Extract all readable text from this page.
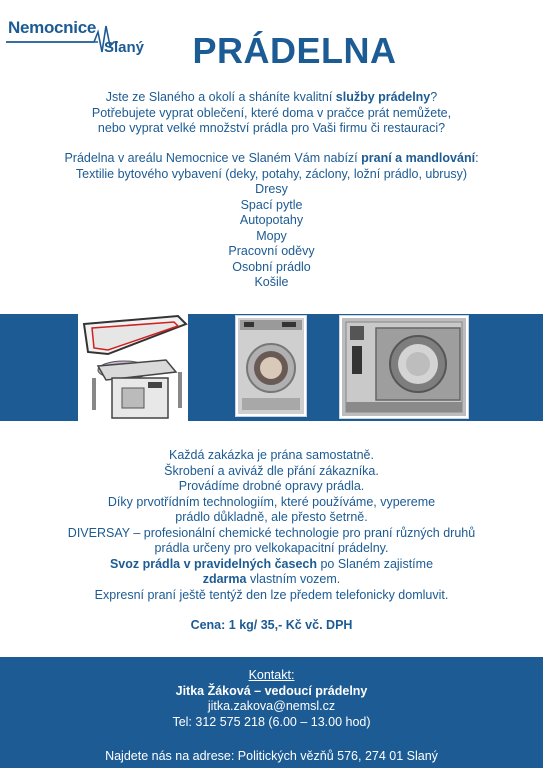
Nemocnice
Slaný	PRÁDELNA
Jste ze Slaného a okolí a sháníte kvalitní služby prádelny?
Potřebujete vyprat oblečení, které doma v pračce prát nemůžete,
nebo vyprat velké množství prádla pro Vaši firmu či restauraci?
Prádelna v areálu Nemocnice ve Slaném Vám nabízí praní a mandlování:
Textilie bytového vybavení (deky, potahy, záclony, ložní prádlo, ubrusy)
Dresy
Spací pytle
Autopotahy
Mopy
Pracovní oděvy
Osobní prádlo
Košile
Každá zakázka je prána samostatně.
Škrobení a aviváž dle přání zákazníka.
Provádíme drobné opravy prádla.
Díky prvotřídním technologiím, které používáme, vypereme
prádlo důkladně, ale přesto šetrně.
DIVERSAY – profesionální chemické technologie pro praní různých druhů
prádla určeny pro velkokapacitní prádelny.
Svoz prádla v pravidelných časech po Slaném zajistíme
zdarma vlastním vozem.
Expresní praní ještě tentýž den lze předem telefonicky domluvit.
Cena: 1 kg/ 35,- Kč vč. DPH
Kontakt:
Jitka Žáková – vedoucí prádelny
jitka.zakova@nemsl.cz
Tel: 312 575 218 (6.00 – 13.00 hod)
Najdete nás na adrese: Politických vězňů 576, 274 01 Slaný
